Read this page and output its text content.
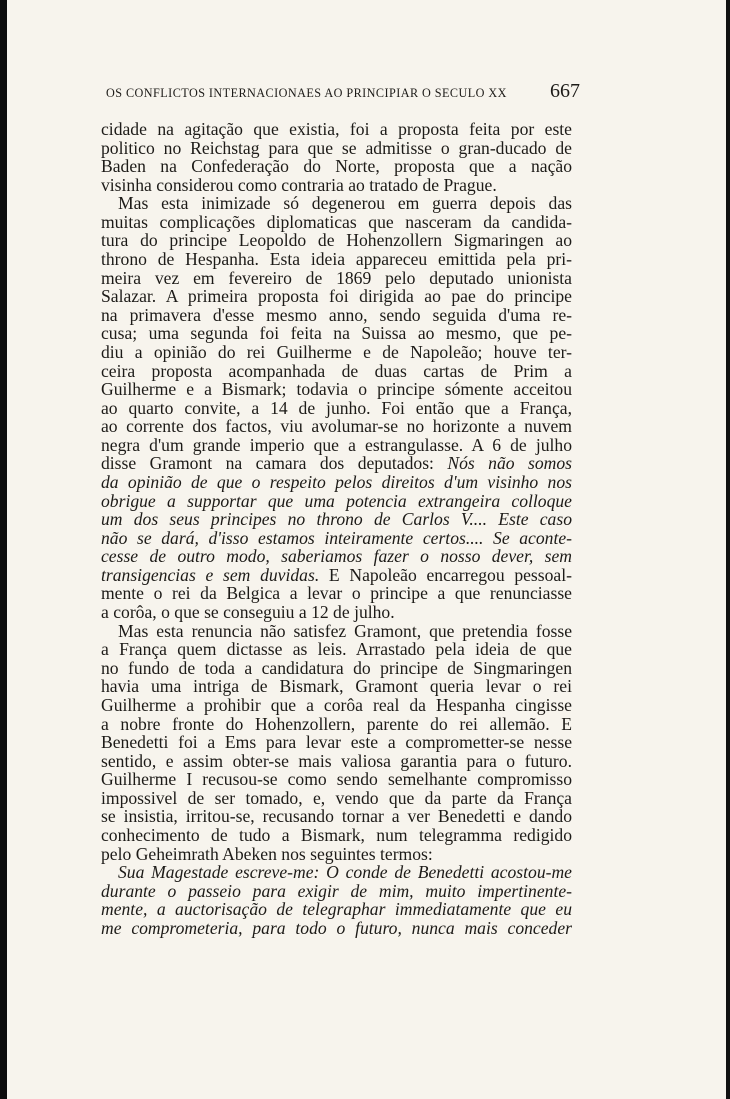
OS CONFLICTOS INTERNACIONAES AO PRINCIPIAR O SECULO XX 667
cidade na agitação que existia, foi a proposta feita por este
politico no Reichstag para que se admitisse o gran-ducado de
Baden na Confederação do Norte, proposta que a nação
visinha considerou como contraria ao tratado de Prague.
Mas esta inimizade só degenerou em guerra depois das
muitas complicações diplomaticas que nasceram da candida-
tura do principe Leopoldo de Hohenzollern Sigmaringen ao
throno de Hespanha. Esta ideia appareceu emittida pela pri-
meira vez em fevereiro de 1869 pelo deputado unionista
Salazar. A primeira proposta foi dirigida ao pae do principe
na primavera d'esse mesmo anno, sendo seguida d'uma re-
cusa; uma segunda foi feita na Suissa ao mesmo, que pe-
diu a opinião do rei Guilherme e de Napoleão; houve ter-
ceira proposta acompanhada de duas cartas de Prim a
Guilherme e a Bismark; todavia o principe sómente acceitou
ao quarto convite, a 14 de junho. Foi então que a França,
ao corrente dos factos, viu avolumar-se no horizonte a nuvem
negra d'um grande imperio que a estrangulasse. A 6 de julho
disse Gramont na camara dos deputados: Nós não somos
da opinião de que o respeito pelos direitos d'um visinho nos
obrigue a supportar que uma potencia extrangeira colloque
um dos seus principes no throno de Carlos V.... Este caso
não se dará, d'isso estamos inteiramente certos.... Se aconte-
cesse de outro modo, saberiamos fazer o nosso dever, sem
transigencias e sem duvidas. E Napoleão encarregou pessoal-
mente o rei da Belgica a levar o principe a que renunciasse
a corôa, o que se conseguiu a 12 de julho.
Mas esta renuncia não satisfez Gramont, que pretendia fosse
a França quem dictasse as leis. Arrastado pela ideia de que
no fundo de toda a candidatura do principe de Singmaringen
havia uma intriga de Bismark, Gramont queria levar o rei
Guilherme a prohibir que a corôa real da Hespanha cingisse
a nobre fronte do Hohenzollern, parente do rei allemão. E
Benedetti foi a Ems para levar este a comprometter-se nesse
sentido, e assim obter-se mais valiosa garantia para o futuro.
Guilherme I recusou-se como sendo semelhante compromisso
impossivel de ser tomado, e, vendo que da parte da França
se insistia, irritou-se, recusando tornar a ver Benedetti e dando
conhecimento de tudo a Bismark, num telegramma redigido
pelo Geheimrath Abeken nos seguintes termos:
Sua Magestade escreve-me: O conde de Benedetti acostou-me
durante o passeio para exigir de mim, muito impertinente-
mente, a auctorisação de telegraphar immediatamente que eu
me comprometeria, para todo o futuro, nunca mais conceder
